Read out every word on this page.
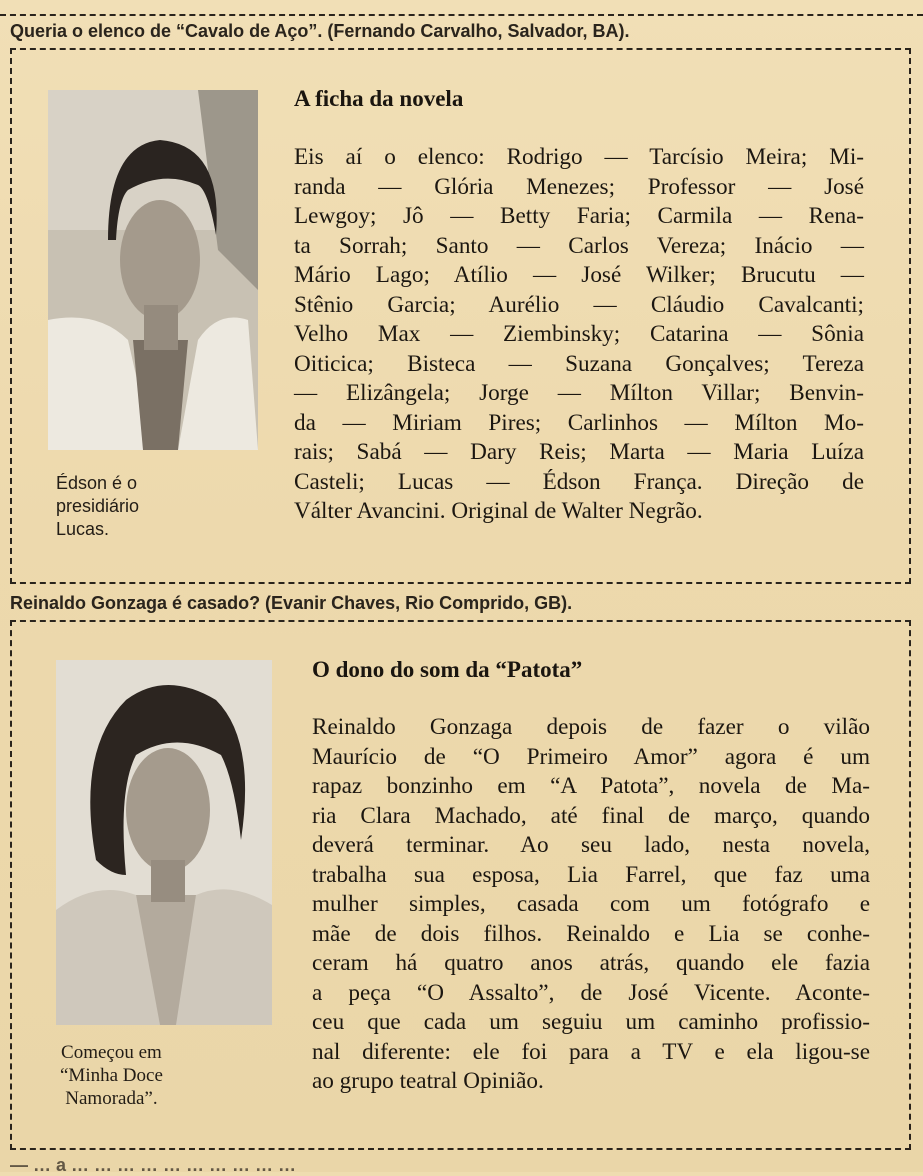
Queria o elenco de “Cavalo de Aço”. (Fernando Carvalho, Salvador, BA).
Édson é o
presidiário
Lucas.
A ficha da novela
Eis aí o elenco: Rodrigo — Tarcísio Meira; Mi-
randa — Glória Menezes; Professor — José
Lewgoy; Jô — Betty Faria; Carmila — Rena-
ta Sorrah; Santo — Carlos Vereza; Inácio —
Mário Lago; Atílio — José Wilker; Brucutu —
Stênio Garcia; Aurélio — Cláudio Cavalcanti;
Velho Max — Ziembinsky; Catarina — Sônia
Oiticica; Bisteca — Suzana Gonçalves; Tereza
— Elizângela; Jorge — Mílton Villar; Benvin-
da — Miriam Pires; Carlinhos — Mílton Mo-
rais; Sabá — Dary Reis; Marta — Maria Luíza
Casteli; Lucas — Édson França. Direção de
Válter Avancini. Original de Walter Negrão.
Reinaldo Gonzaga é casado? (Evanir Chaves, Rio Comprido, GB).
Começou em
“Minha Doce
Namorada”.
O dono do som da “Patota”
Reinaldo Gonzaga depois de fazer o vilão
Maurício de “O Primeiro Amor” agora é um
rapaz bonzinho em “A Patota”, novela de Ma-
ria Clara Machado, até final de março, quando
deverá terminar. Ao seu lado, nesta novela,
trabalha sua esposa, Lia Farrel, que faz uma
mulher simples, casada com um fotógrafo e
mãe de dois filhos. Reinaldo e Lia se conhe-
ceram há quatro anos atrás, quando ele fazia
a peça “O Assalto”, de José Vicente. Aconte-
ceu que cada um seguiu um caminho profissio-
nal diferente: ele foi para a TV e ela ligou-se
ao grupo teatral Opinião.
— … a … … … … … … … … … …
